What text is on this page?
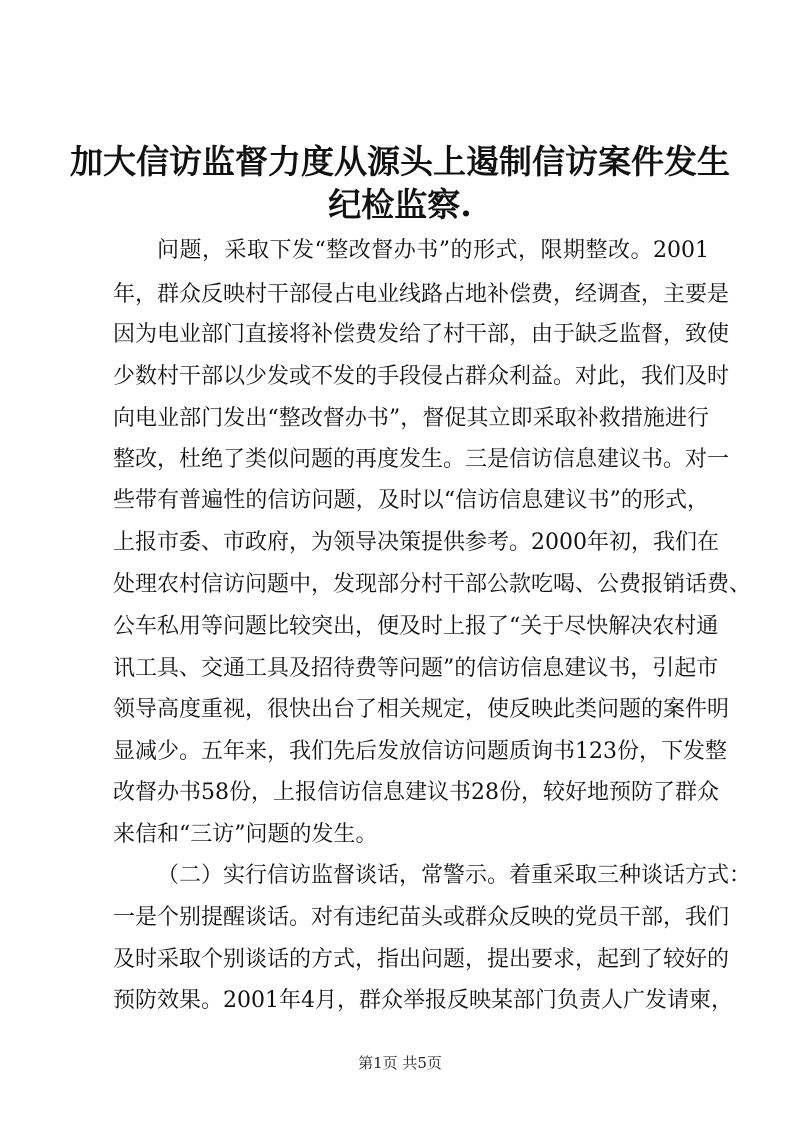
加大信访监督力度从源头上遏制信访案件发生
纪检监察.
问题，采取下发“整改督办书”的形式，限期整改。2001
年，群众反映村干部侵占电业线路占地补偿费，经调查，主要是
因为电业部门直接将补偿费发给了村干部，由于缺乏监督，致使
少数村干部以少发或不发的手段侵占群众利益。对此，我们及时
向电业部门发出“整改督办书”，督促其立即采取补救措施进行
整改，杜绝了类似问题的再度发生。三是信访信息建议书。对一
些带有普遍性的信访问题，及时以“信访信息建议书”的形式，
上报市委、市政府，为领导决策提供参考。2000年初，我们在
处理农村信访问题中，发现部分村干部公款吃喝、公费报销话费、
公车私用等问题比较突出，便及时上报了“关于尽快解决农村通
讯工具、交通工具及招待费等问题”的信访信息建议书，引起市
领导高度重视，很快出台了相关规定，使反映此类问题的案件明
显减少。五年来，我们先后发放信访问题质询书123份，下发整
改督办书58份，上报信访信息建议书28份，较好地预防了群众
来信和“三访”问题的发生。
（二）实行信访监督谈话，常警示。着重采取三种谈话方式：
一是个别提醒谈话。对有违纪苗头或群众反映的党员干部，我们
及时采取个别谈话的方式，指出问题，提出要求，起到了较好的
预防效果。2001年4月，群众举报反映某部门负责人广发请柬，
第1页 共5页
